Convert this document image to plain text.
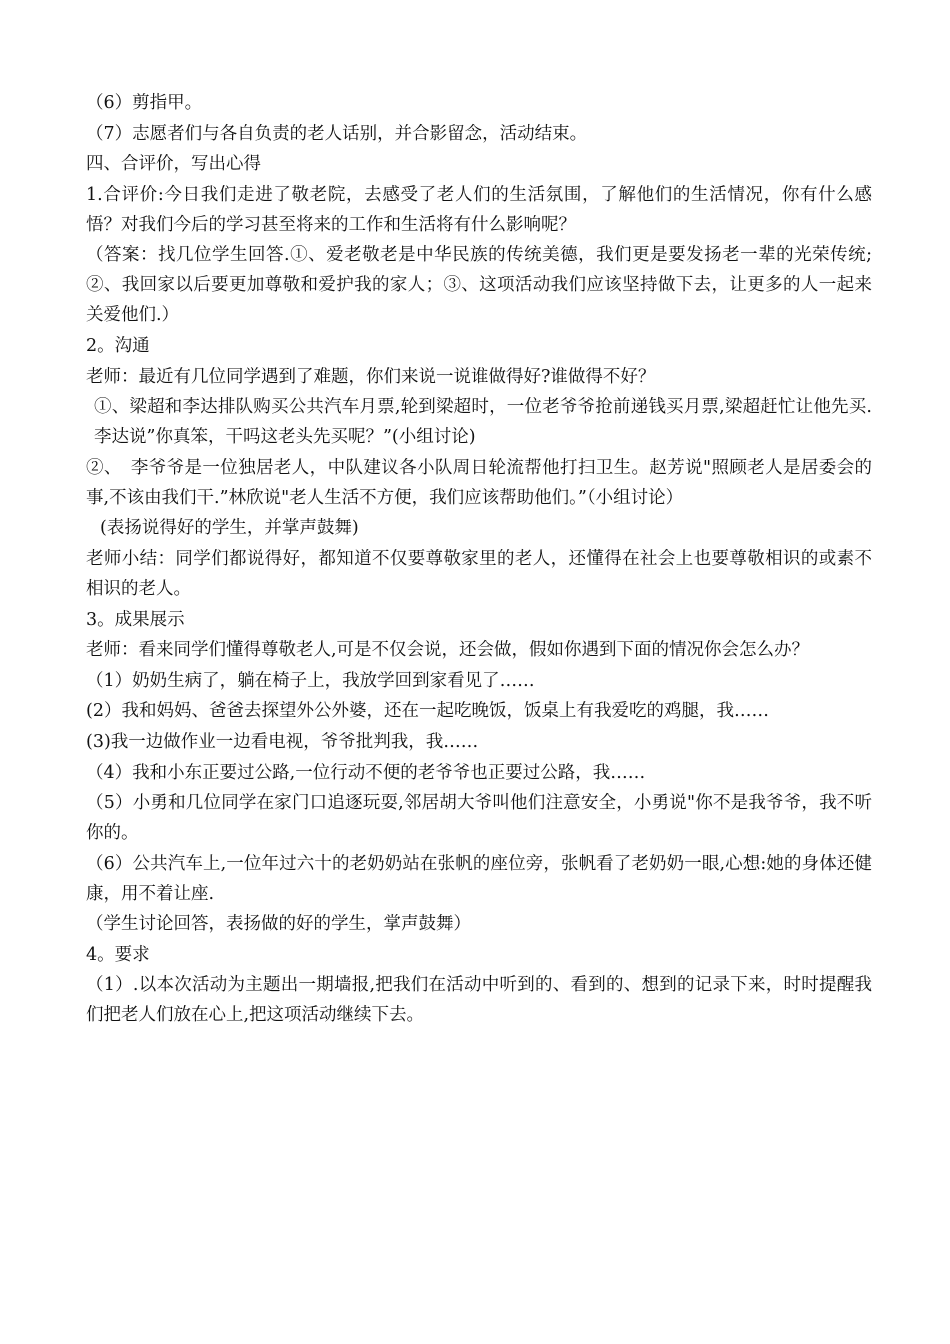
（6）剪指甲。

（7）志愿者们与各自负责的老人话别，并合影留念，活动结束。

四、合评价，写出心得

1.合评价:今日我们走进了敬老院，去感受了老人们的生活氛围，了解他们的生活情况，你有什么感悟？对我们今后的学习甚至将来的工作和生活将有什么影响呢？

（答案：找几位学生回答.①、爱老敬老是中华民族的传统美德，我们更是要发扬老一辈的光荣传统;②、我回家以后要更加尊敬和爱护我的家人；③、这项活动我们应该坚持做下去，让更多的人一起来关爱他们.）

2。沟通

老师：最近有几位同学遇到了难题，你们来说一说谁做得好?谁做得不好？

①、梁超和李达排队购买公共汽车月票,轮到梁超时，一位老爷爷抢前递钱买月票,梁超赶忙让他先买.李达说”你真笨，干吗这老头先买呢？”(小组讨论)

②、　李爷爷是一位独居老人，中队建议各小队周日轮流帮他打扫卫生。赵芳说"照顾老人是居委会的事,不该由我们干.”林欣说"老人生活不方便，我们应该帮助他们。”（小组讨论）

(表扬说得好的学生，并掌声鼓舞)

老师小结：同学们都说得好，都知道不仅要尊敬家里的老人，还懂得在社会上也要尊敬相识的或素不相识的老人。

3。成果展示

老师：看来同学们懂得尊敬老人,可是不仅会说，还会做，假如你遇到下面的情况你会怎么办？

（1）奶奶生病了，躺在椅子上，我放学回到家看见了……

(2）我和妈妈、爸爸去探望外公外婆，还在一起吃晚饭，饭桌上有我爱吃的鸡腿，我……

(3)我一边做作业一边看电视，爷爷批判我，我……

（4）我和小东正要过公路,一位行动不便的老爷爷也正要过公路，我……

（5）小勇和几位同学在家门口追逐玩耍,邻居胡大爷叫他们注意安全，小勇说"你不是我爷爷，我不听你的。

（6）公共汽车上,一位年过六十的老奶奶站在张帆的座位旁，张帆看了老奶奶一眼,心想:她的身体还健康，用不着让座.

（学生讨论回答，表扬做的好的学生，掌声鼓舞）

4。要求

（1）.以本次活动为主题出一期墙报,把我们在活动中听到的、看到的、想到的记录下来，时时提醒我们把老人们放在心上,把这项活动继续下去。
